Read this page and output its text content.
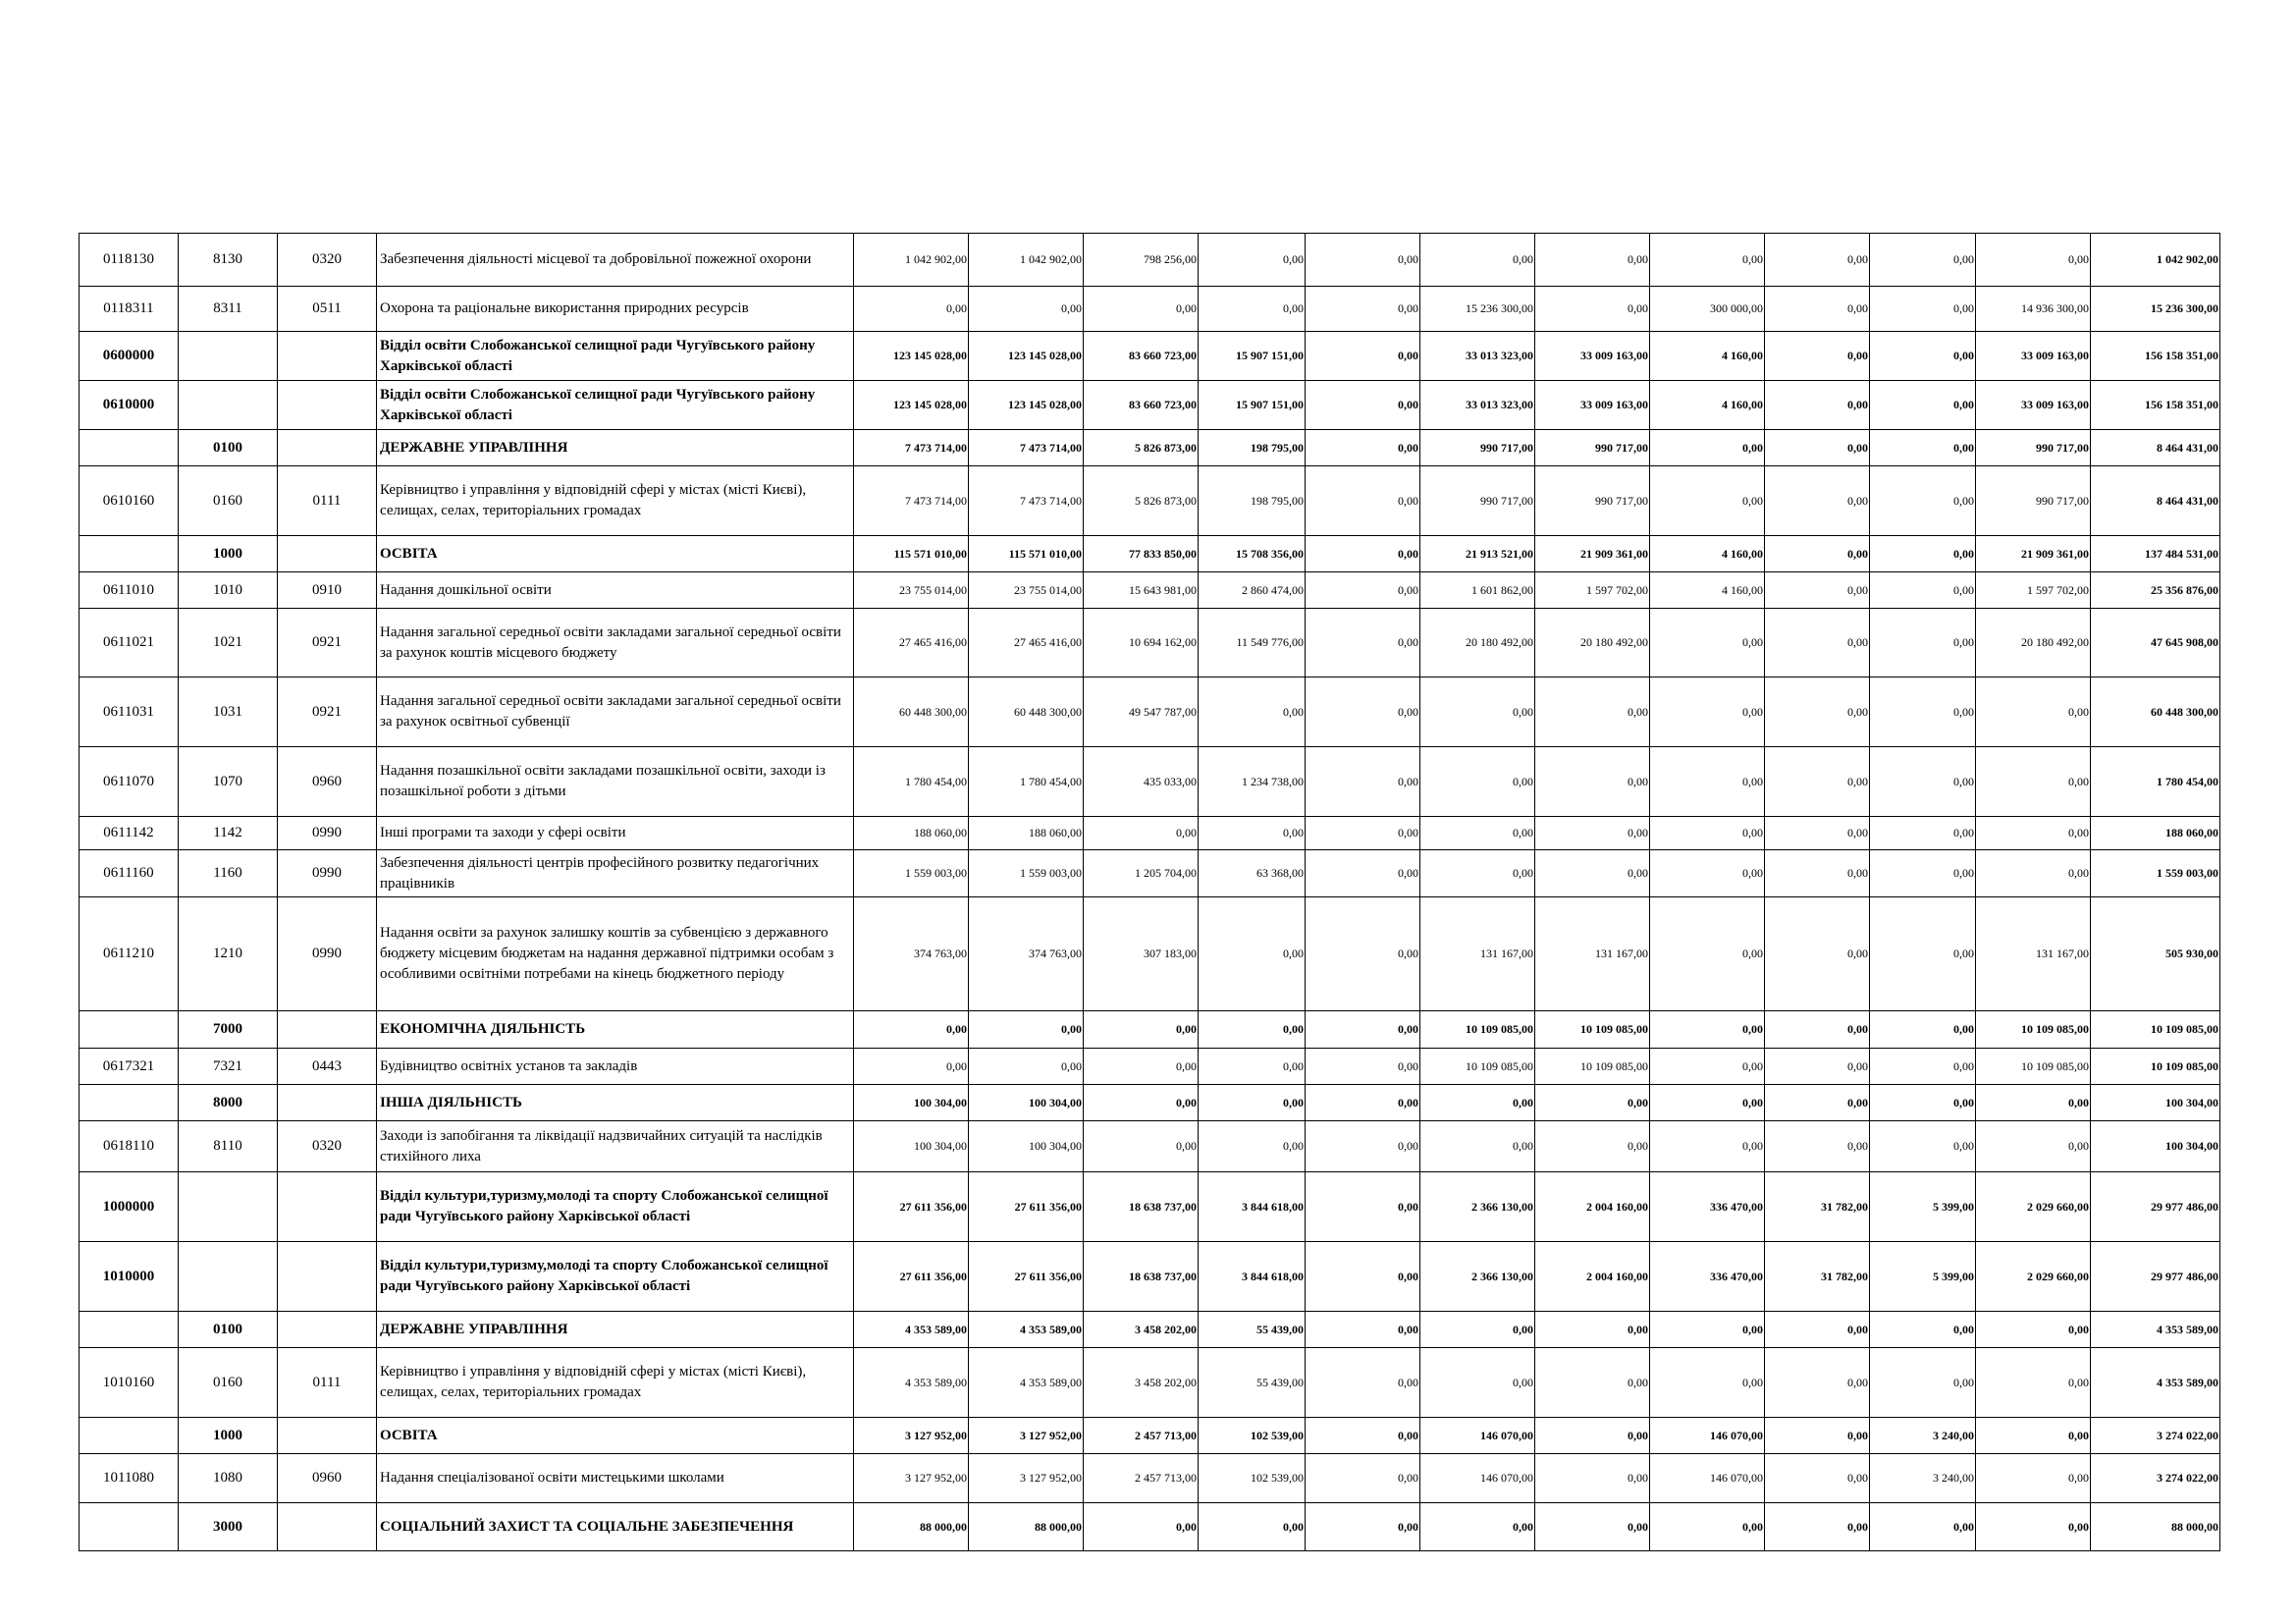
0118130	8130	0320	Забезпечення діяльності місцевої та добровільної пожежної охорони	1 042 902,00	1 042 902,00	798 256,00	0,00	0,00	0,00	0,00	0,00	0,00	0,00	0,00	1 042 902,00
0118311	8311	0511	Охорона та раціональне використання природних ресурсів	0,00	0,00	0,00	0,00	0,00	15 236 300,00	0,00	300 000,00	0,00	0,00	14 936 300,00	15 236 300,00
0600000			Відділ освіти Слобожанської селищної ради Чугуївського району Харківської області	123 145 028,00	123 145 028,00	83 660 723,00	15 907 151,00	0,00	33 013 323,00	33 009 163,00	4 160,00	0,00	0,00	33 009 163,00	156 158 351,00
0610000			Відділ освіти Слобожанської селищної ради Чугуївського району Харківської області	123 145 028,00	123 145 028,00	83 660 723,00	15 907 151,00	0,00	33 013 323,00	33 009 163,00	4 160,00	0,00	0,00	33 009 163,00	156 158 351,00
	0100		ДЕРЖАВНЕ УПРАВЛІННЯ	7 473 714,00	7 473 714,00	5 826 873,00	198 795,00	0,00	990 717,00	990 717,00	0,00	0,00	0,00	990 717,00	8 464 431,00
0610160	0160	0111	Керівництво і управління у відповідній сфері у містах (місті Києві), селищах, селах, територіальних громадах	7 473 714,00	7 473 714,00	5 826 873,00	198 795,00	0,00	990 717,00	990 717,00	0,00	0,00	0,00	990 717,00	8 464 431,00
	1000		ОСВІТА	115 571 010,00	115 571 010,00	77 833 850,00	15 708 356,00	0,00	21 913 521,00	21 909 361,00	4 160,00	0,00	0,00	21 909 361,00	137 484 531,00
0611010	1010	0910	Надання дошкільної освіти	23 755 014,00	23 755 014,00	15 643 981,00	2 860 474,00	0,00	1 601 862,00	1 597 702,00	4 160,00	0,00	0,00	1 597 702,00	25 356 876,00
0611021	1021	0921	Надання загальної середньої освіти закладами загальної середньої освіти за рахунок коштів місцевого бюджету	27 465 416,00	27 465 416,00	10 694 162,00	11 549 776,00	0,00	20 180 492,00	20 180 492,00	0,00	0,00	0,00	20 180 492,00	47 645 908,00
0611031	1031	0921	Надання загальної середньої освіти закладами загальної середньої освіти за рахунок освітньої субвенції	60 448 300,00	60 448 300,00	49 547 787,00	0,00	0,00	0,00	0,00	0,00	0,00	0,00	0,00	60 448 300,00
0611070	1070	0960	Надання позашкільної освіти закладами позашкільної освіти, заходи із позашкільної роботи з дітьми	1 780 454,00	1 780 454,00	435 033,00	1 234 738,00	0,00	0,00	0,00	0,00	0,00	0,00	0,00	1 780 454,00
0611142	1142	0990	Інші програми та заходи у сфері освіти	188 060,00	188 060,00	0,00	0,00	0,00	0,00	0,00	0,00	0,00	0,00	0,00	188 060,00
0611160	1160	0990	Забезпечення діяльності центрів професійного розвитку педагогічних працівників	1 559 003,00	1 559 003,00	1 205 704,00	63 368,00	0,00	0,00	0,00	0,00	0,00	0,00	0,00	1 559 003,00
0611210	1210	0990	Надання освіти за рахунок залишку коштів за субвенцією з державного бюджету місцевим бюджетам на надання державної підтримки особам з особливими освітніми потребами на кінець бюджетного періоду	374 763,00	374 763,00	307 183,00	0,00	0,00	131 167,00	131 167,00	0,00	0,00	0,00	131 167,00	505 930,00
	7000		ЕКОНОМІЧНА ДІЯЛЬНІСТЬ	0,00	0,00	0,00	0,00	0,00	10 109 085,00	10 109 085,00	0,00	0,00	0,00	10 109 085,00	10 109 085,00
0617321	7321	0443	Будівництво освітніх установ та закладів	0,00	0,00	0,00	0,00	0,00	10 109 085,00	10 109 085,00	0,00	0,00	0,00	10 109 085,00	10 109 085,00
	8000		ІНША ДІЯЛЬНІСТЬ	100 304,00	100 304,00	0,00	0,00	0,00	0,00	0,00	0,00	0,00	0,00	0,00	100 304,00
0618110	8110	0320	Заходи із запобігання та ліквідації надзвичайних ситуацій та наслідків стихійного лиха	100 304,00	100 304,00	0,00	0,00	0,00	0,00	0,00	0,00	0,00	0,00	0,00	100 304,00
1000000			Відділ культури,туризму,молоді та спорту Слобожанської селищної ради Чугуївського району Харківської області	27 611 356,00	27 611 356,00	18 638 737,00	3 844 618,00	0,00	2 366 130,00	2 004 160,00	336 470,00	31 782,00	5 399,00	2 029 660,00	29 977 486,00
1010000			Відділ культури,туризму,молоді та спорту Слобожанської селищної ради Чугуївського району Харківської області	27 611 356,00	27 611 356,00	18 638 737,00	3 844 618,00	0,00	2 366 130,00	2 004 160,00	336 470,00	31 782,00	5 399,00	2 029 660,00	29 977 486,00
	0100		ДЕРЖАВНЕ УПРАВЛІННЯ	4 353 589,00	4 353 589,00	3 458 202,00	55 439,00	0,00	0,00	0,00	0,00	0,00	0,00	0,00	4 353 589,00
1010160	0160	0111	Керівництво і управління у відповідній сфері у містах (місті Києві), селищах, селах, територіальних громадах	4 353 589,00	4 353 589,00	3 458 202,00	55 439,00	0,00	0,00	0,00	0,00	0,00	0,00	0,00	4 353 589,00
	1000		ОСВІТА	3 127 952,00	3 127 952,00	2 457 713,00	102 539,00	0,00	146 070,00	0,00	146 070,00	0,00	3 240,00	0,00	3 274 022,00
1011080	1080	0960	Надання спеціалізованої освіти мистецькими школами	3 127 952,00	3 127 952,00	2 457 713,00	102 539,00	0,00	146 070,00	0,00	146 070,00	0,00	3 240,00	0,00	3 274 022,00
	3000		СОЦІАЛЬНИЙ ЗАХИСТ ТА СОЦІАЛЬНЕ ЗАБЕЗПЕЧЕННЯ	88 000,00	88 000,00	0,00	0,00	0,00	0,00	0,00	0,00	0,00	0,00	0,00	88 000,00
